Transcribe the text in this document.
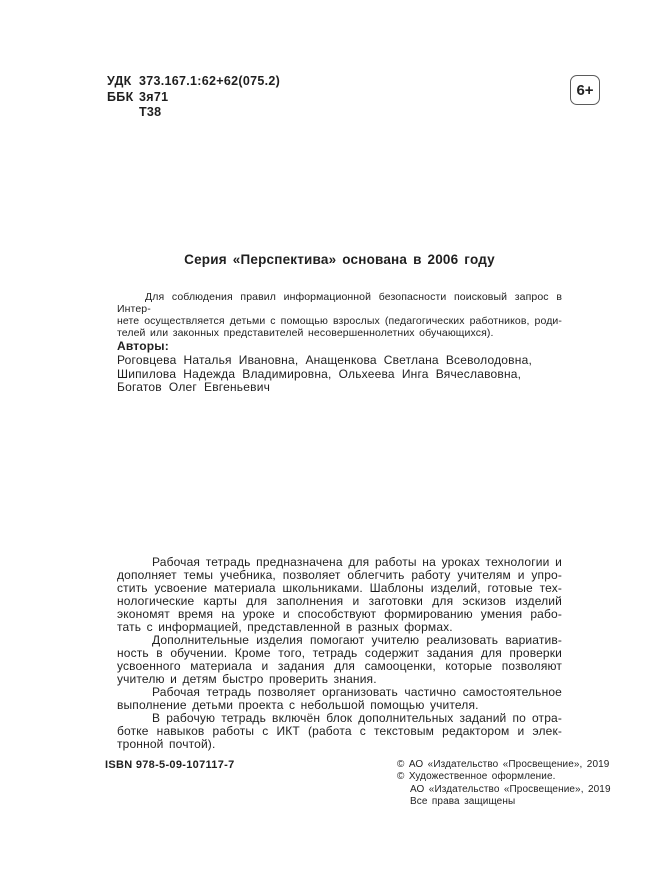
УДК 373.167.1:62+62(075.2)
ББК 3я71
Т38
6+
Серия «Перспектива» основана в 2006 году
Для соблюдения правил информационной безопасности поисковый запрос в Интер-
нете осуществляется детьми с помощью взрослых (педагогических работников, роди-
телей или законных представителей несовершеннолетних обучающихся).
Авторы:
Роговцева Наталья Ивановна, Анащенкова Светлана Всеволодовна,
Шипилова Надежда Владимировна, Ольхеева Инга Вячеславовна,
Богатов Олег Евгеньевич
Рабочая тетрадь предназначена для работы на уроках технологии и
дополняет темы учебника, позволяет облегчить работу учителям и упро-
стить усвоение материала школьниками. Шаблоны изделий, готовые тех-
нологические карты для заполнения и заготовки для эскизов изделий
экономят время на уроке и способствуют формированию умения рабо-
тать с информацией, представленной в разных формах.
Дополнительные изделия помогают учителю реализовать вариатив-
ность в обучении. Кроме того, тетрадь содержит задания для проверки
усвоенного материала и задания для самооценки, которые позволяют
учителю и детям быстро проверить знания.
Рабочая тетрадь позволяет организовать частично самостоятельное
выполнение детьми проекта с небольшой помощью учителя.
В рабочую тетрадь включён блок дополнительных заданий по отра-
ботке навыков работы с ИКТ (работа с текстовым редактором и элек-
тронной почтой).
ISBN 978-5-09-107117-7	© АО «Издательство «Просвещение», 2019
© Художественное оформление.
АО «Издательство «Просвещение», 2019
Все права защищены
